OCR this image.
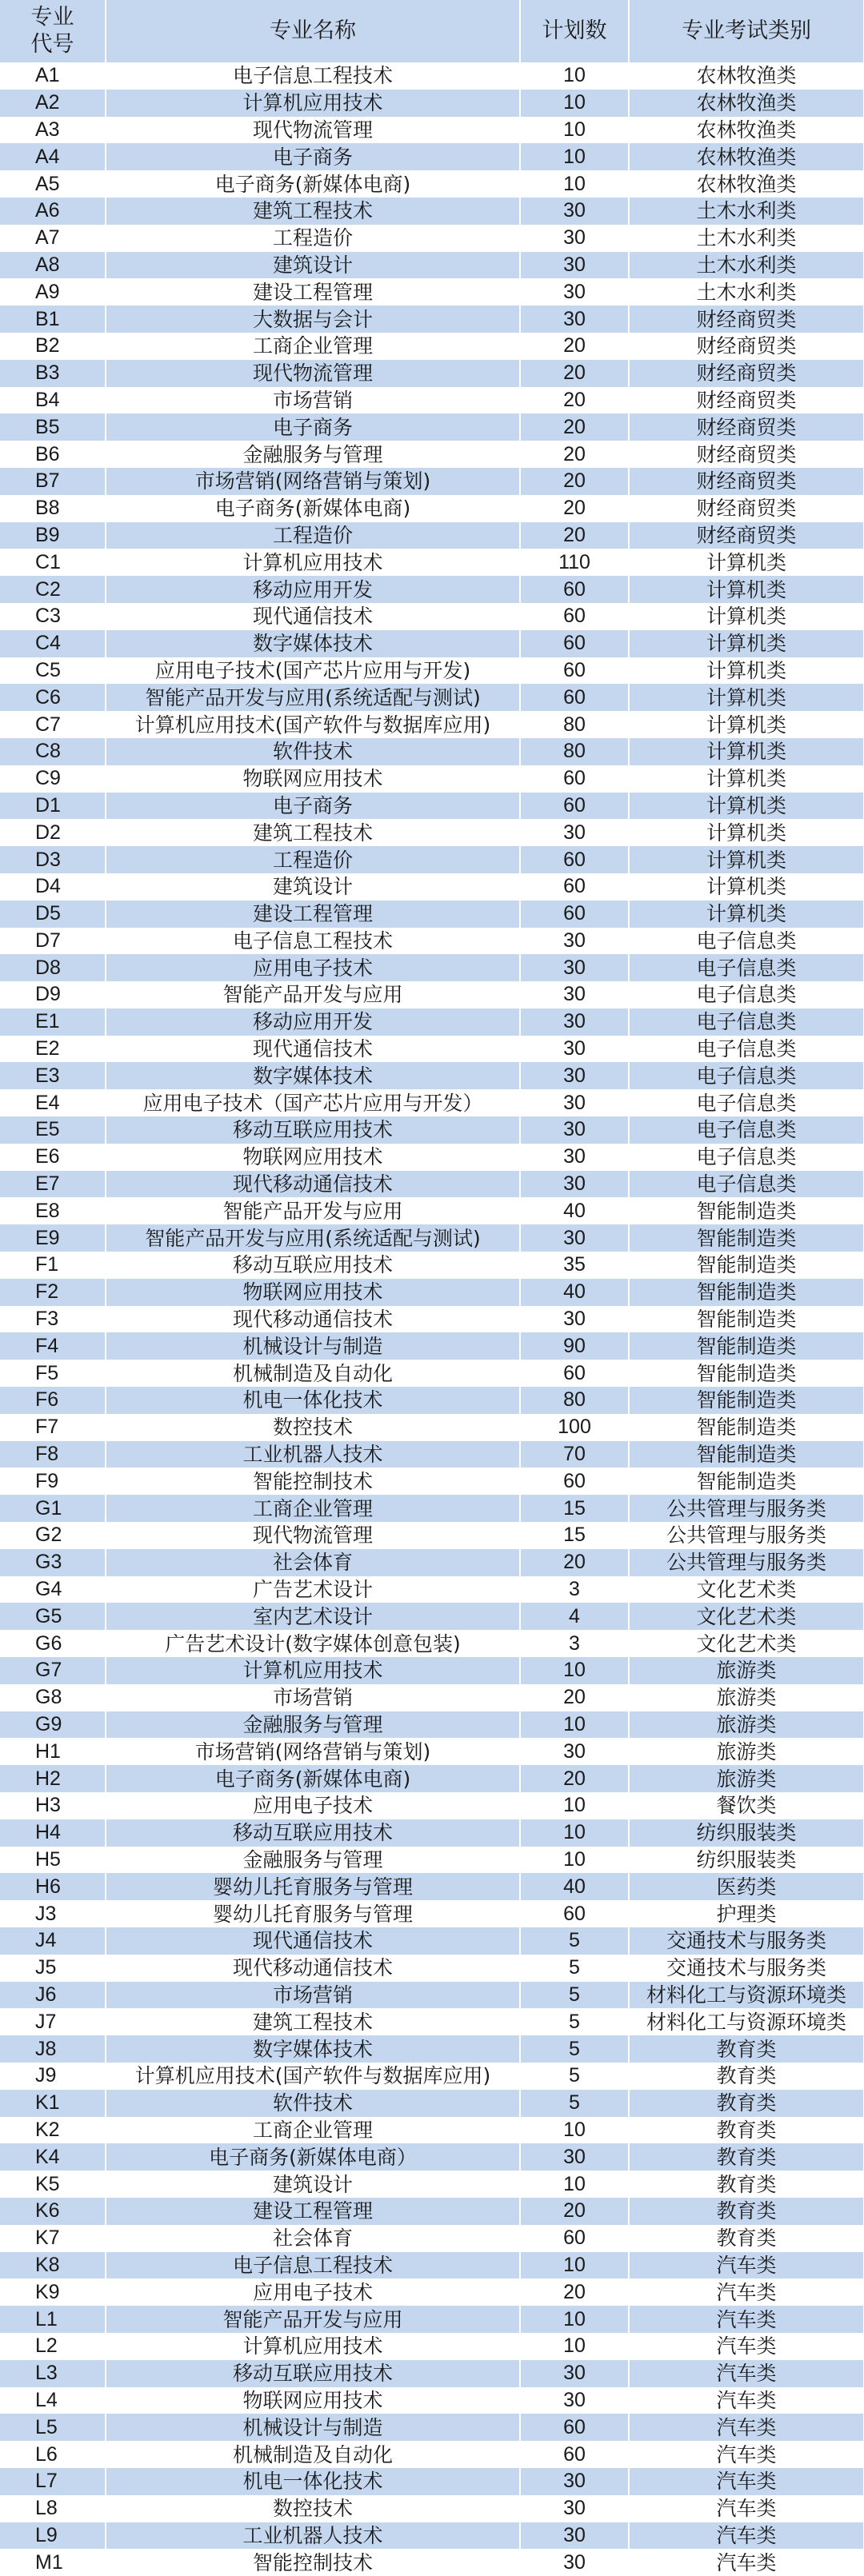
专业
代号	专业名称	计划数	专业考试类别
A1	电子信息工程技术	10	农林牧渔类
A2	计算机应用技术	10	农林牧渔类
A3	现代物流管理	10	农林牧渔类
A4	电子商务	10	农林牧渔类
A5	电子商务(新媒体电商)	10	农林牧渔类
A6	建筑工程技术	30	土木水利类
A7	工程造价	30	土木水利类
A8	建筑设计	30	土木水利类
A9	建设工程管理	30	土木水利类
B1	大数据与会计	30	财经商贸类
B2	工商企业管理	20	财经商贸类
B3	现代物流管理	20	财经商贸类
B4	市场营销	20	财经商贸类
B5	电子商务	20	财经商贸类
B6	金融服务与管理	20	财经商贸类
B7	市场营销(网络营销与策划)	20	财经商贸类
B8	电子商务(新媒体电商)	20	财经商贸类
B9	工程造价	20	财经商贸类
C1	计算机应用技术	110	计算机类
C2	移动应用开发	60	计算机类
C3	现代通信技术	60	计算机类
C4	数字媒体技术	60	计算机类
C5	应用电子技术(国产芯片应用与开发)	60	计算机类
C6	智能产品开发与应用(系统适配与测试)	60	计算机类
C7	计算机应用技术(国产软件与数据库应用)	80	计算机类
C8	软件技术	80	计算机类
C9	物联网应用技术	60	计算机类
D1	电子商务	60	计算机类
D2	建筑工程技术	30	计算机类
D3	工程造价	60	计算机类
D4	建筑设计	60	计算机类
D5	建设工程管理	60	计算机类
D7	电子信息工程技术	30	电子信息类
D8	应用电子技术	30	电子信息类
D9	智能产品开发与应用	30	电子信息类
E1	移动应用开发	30	电子信息类
E2	现代通信技术	30	电子信息类
E3	数字媒体技术	30	电子信息类
E4	应用电子技术（国产芯片应用与开发）	30	电子信息类
E5	移动互联应用技术	30	电子信息类
E6	物联网应用技术	30	电子信息类
E7	现代移动通信技术	30	电子信息类
E8	智能产品开发与应用	40	智能制造类
E9	智能产品开发与应用(系统适配与测试)	30	智能制造类
F1	移动互联应用技术	35	智能制造类
F2	物联网应用技术	40	智能制造类
F3	现代移动通信技术	30	智能制造类
F4	机械设计与制造	90	智能制造类
F5	机械制造及自动化	60	智能制造类
F6	机电一体化技术	80	智能制造类
F7	数控技术	100	智能制造类
F8	工业机器人技术	70	智能制造类
F9	智能控制技术	60	智能制造类
G1	工商企业管理	15	公共管理与服务类
G2	现代物流管理	15	公共管理与服务类
G3	社会体育	20	公共管理与服务类
G4	广告艺术设计	3	文化艺术类
G5	室内艺术设计	4	文化艺术类
G6	广告艺术设计(数字媒体创意包装)	3	文化艺术类
G7	计算机应用技术	10	旅游类
G8	市场营销	20	旅游类
G9	金融服务与管理	10	旅游类
H1	市场营销(网络营销与策划)	30	旅游类
H2	电子商务(新媒体电商)	20	旅游类
H3	应用电子技术	10	餐饮类
H4	移动互联应用技术	10	纺织服装类
H5	金融服务与管理	10	纺织服装类
H6	婴幼儿托育服务与管理	40	医药类
J3	婴幼儿托育服务与管理	60	护理类
J4	现代通信技术	5	交通技术与服务类
J5	现代移动通信技术	5	交通技术与服务类
J6	市场营销	5	材料化工与资源环境类
J7	建筑工程技术	5	材料化工与资源环境类
J8	数字媒体技术	5	教育类
J9	计算机应用技术(国产软件与数据库应用)	5	教育类
K1	软件技术	5	教育类
K2	工商企业管理	10	教育类
K4	电子商务(新媒体电商）	30	教育类
K5	建筑设计	10	教育类
K6	建设工程管理	20	教育类
K7	社会体育	60	教育类
K8	电子信息工程技术	10	汽车类
K9	应用电子技术	20	汽车类
L1	智能产品开发与应用	10	汽车类
L2	计算机应用技术	10	汽车类
L3	移动互联应用技术	30	汽车类
L4	物联网应用技术	30	汽车类
L5	机械设计与制造	60	汽车类
L6	机械制造及自动化	60	汽车类
L7	机电一体化技术	30	汽车类
L8	数控技术	30	汽车类
L9	工业机器人技术	30	汽车类
M1	智能控制技术	30	汽车类
